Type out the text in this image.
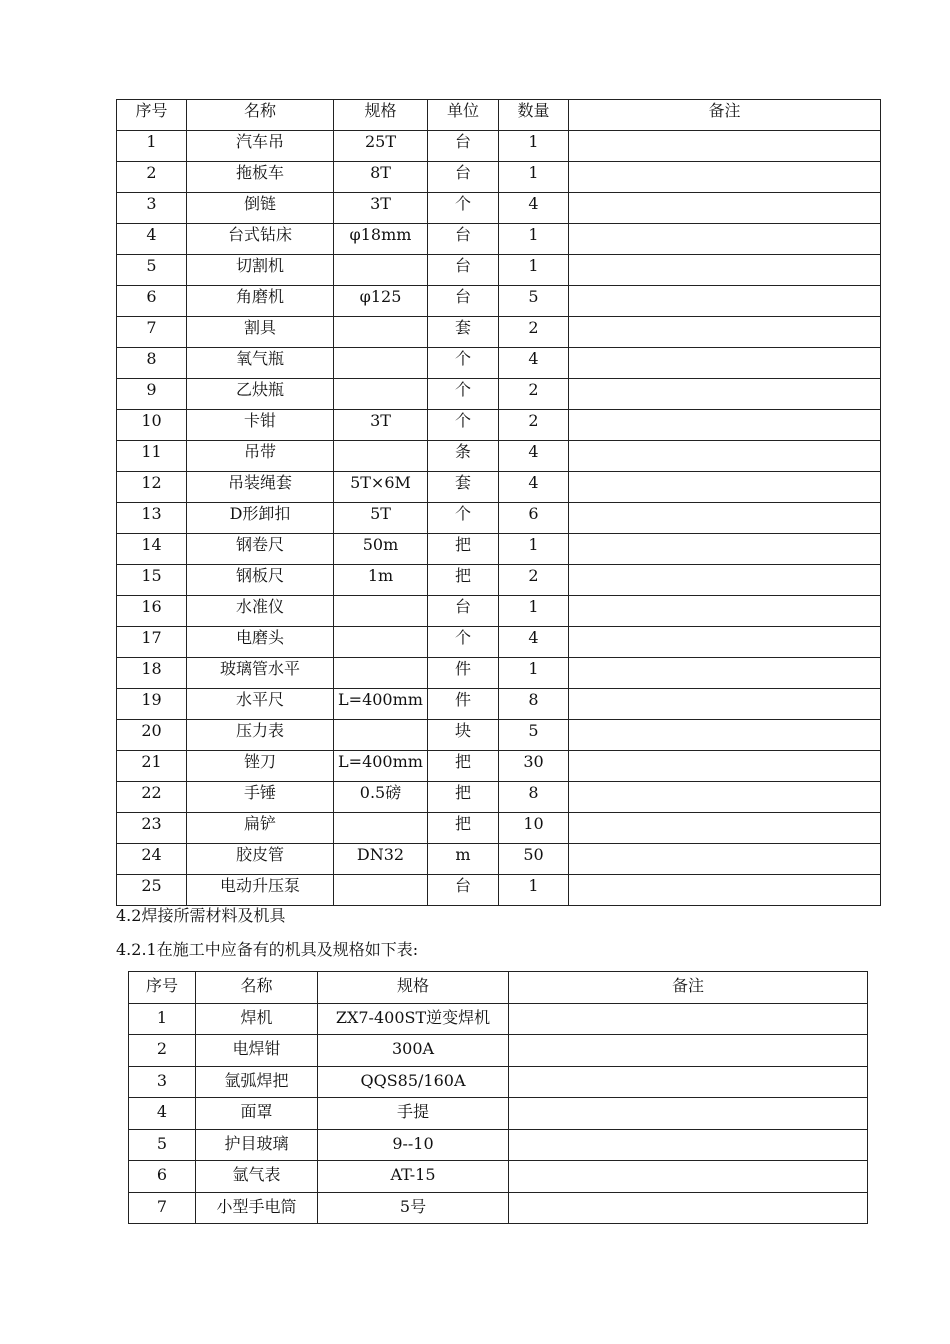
序号	名称	规格	单位	数量	备注
1	汽车吊	25T	台	1	
2	拖板车	8T	台	1	
3	倒链	3T	个	4	
4	台式钻床	φ18mm	台	1	
5	切割机		台	1	
6	角磨机	φ125	台	5	
7	割具		套	2	
8	氧气瓶		个	4	
9	乙炔瓶		个	2	
10	卡钳	3T	个	2	
11	吊带		条	4	
12	吊装绳套	5T×6M	套	4	
13	D形卸扣	5T	个	6	
14	钢卷尺	50m	把	1	
15	钢板尺	1m	把	2	
16	水准仪		台	1	
17	电磨头		个	4	
18	玻璃管水平		件	1	
19	水平尺	L=400mm	件	8	
20	压力表		块	5	
21	锉刀	L=400mm	把	30	
22	手锤	0.5磅	把	8	
23	扁铲		把	10	
24	胶皮管	DN32	m	50	
25	电动升压泵		台	1	
4.2焊接所需材料及机具
4.2.1在施工中应备有的机具及规格如下表:
序号	名称	规格	备注
1	焊机	ZX7-400ST逆变焊机	
2	电焊钳	300A	
3	氩弧焊把	QQS85/160A	
4	面罩	手提	
5	护目玻璃	9--10	
6	氩气表	AT-15	
7	小型手电筒	5号	
